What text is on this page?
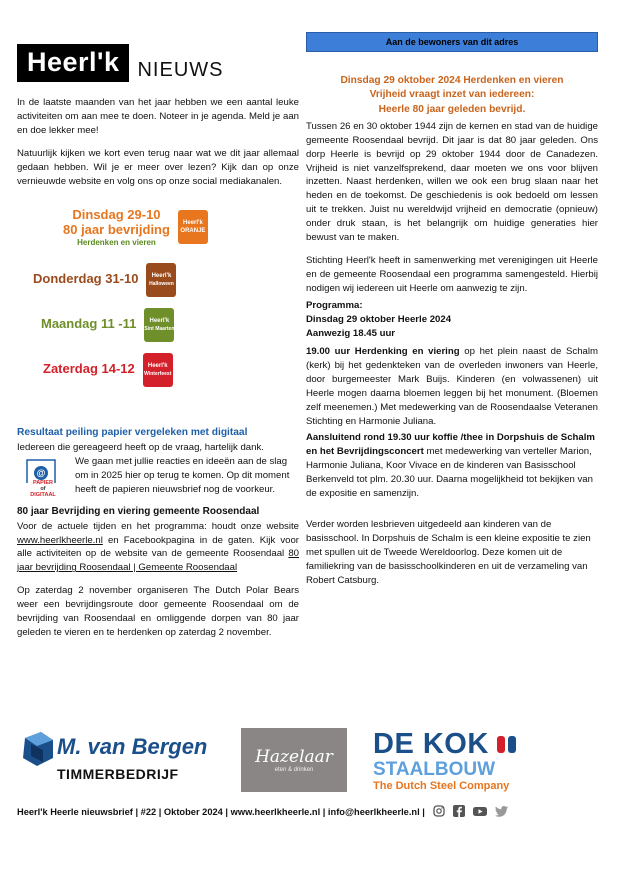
Heerl'k NIEUWS

In de laatste maanden van het jaar hebben we een aantal leuke activiteiten om aan mee te doen. Noteer in je agenda. Meld je aan en doe lekker mee!

Natuurlijk kijken we kort even terug naar wat we dit jaar allemaal gedaan hebben. Wil je er meer over lezen? Kijk dan op onze vernieuwde website en volg ons op onze social mediakanalen.

Dinsdag 29-10
80 jaar bevrijding
Herdenken en vieren
Heerl'k
ORANJE
Donderdag 31-10 Heerl'k
Halloween
Maandag 11 -11 Heerl'k
Sint Maarten
Zaterdag 14-12 Heerl'k
Winterfeest
Resultaat peiling papier vergeleken met digitaal
Iedereen die gereageerd heeft op de vraag, hartelijk dank.
@
PAPIER
of
DIGITAAL
We gaan met jullie reacties en ideeën aan de slag om in 2025 hier op terug te komen. Op dit moment heeft de papieren nieuwsbrief nog de voorkeur.
80 jaar Bevrijding en viering gemeente Roosendaal

Voor de actuele tijden en het programma: houdt onze website www.heerlkheerle.nl en Facebookpagina in de gaten. Kijk voor alle activiteiten op de website van de gemeente Roosendaal 80 jaar bevrijding Roosendaal | Gemeente Roosendaal

Op zaterdag 2 november organiseren The Dutch Polar Bears weer een bevrijdingsroute door gemeente Roosendaal om de bevrijding van Roosendaal en omliggende dorpen van 80 jaar geleden te vieren en te herdenken op zaterdag 2 november.

Aan de bewoners van dit adres
Dinsdag 29 oktober 2024 Herdenken en vieren
Vrijheid vraagt inzet van iedereen:
Heerle 80 jaar geleden bevrijd.

Tussen 26 en 30 oktober 1944 zijn de kernen en stad van de huidige gemeente Roosendaal bevrijd. Dit jaar is dat 80 jaar geleden. Ons dorp Heerle is bevrijd op 29 oktober 1944 door de Canadezen. Vrijheid is niet vanzelfsprekend, daar moeten we ons voor blijven inzetten. Naast herdenken, willen we ook een brug slaan naar het heden en de toekomst. De geschiedenis is ook bedoeld om lessen uit te trekken. Juist nu wereldwijd vrijheid en democratie (opnieuw) onder druk staan, is het belangrijk om huidige generaties hier bewust van te maken.

Stichting Heerl'k heeft in samenwerking met verenigingen uit Heerle en de gemeente Roosendaal een programma samengesteld. Hierbij nodigen wij iedereen uit Heerle om aanwezig te zijn.

Programma:
Dinsdag 29 oktober Heerle 2024
Aanwezig 18.45 uur

19.00 uur Herdenking en viering op het plein naast de Schalm (kerk) bij het gedenkteken van de overleden inwoners van Heerle, door burgemeester Mark Buijs. Kinderen (en volwassenen) uit Heerle mogen daarna bloemen leggen bij het monument. (Bloemen zelf meenemen.) Met medewerking van de Roosendaalse Veteranen Stichting en Harmonie Juliana.

Aansluitend rond 19.30 uur koffie /thee in Dorpshuis de Schalm en het Bevrijdingsconcert met medewerking van verteller Marion, Harmonie Juliana, Koor Vivace en de kinderen van Basisschool Berkenveld tot plm. 20.30 uur. Daarna mogelijkheid tot bekijken van de expositie en samenzijn.

Verder worden lesbrieven uitgedeeld aan kinderen van de basisschool. In Dorpshuis de Schalm is een kleine expositie te zien met spullen uit de Tweede Wereldoorlog. Deze komen uit de familiekring van de basisschoolkinderen en uit de verzameling van Robert Catsburg.

M. van Bergen
TIMMERBEDRIJF
Hazelaar
eten & drinken
DE KOK
STAALBOUW
The Dutch Steel Company
Heerl'k Heerle nieuwsbrief | #22 | Oktober 2024 | www.heerlkheerle.nl | info@heerlkheerle.nl |
